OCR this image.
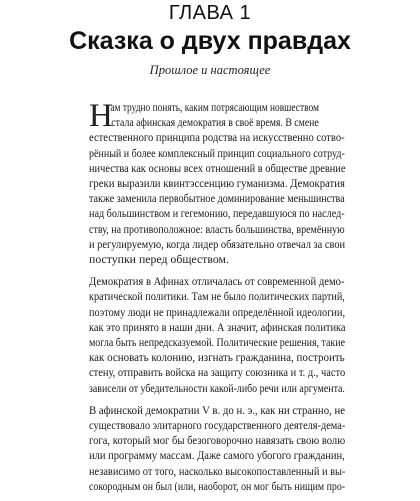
ГЛАВА 1
Сказка о двух правдах
Прошлое и настоящее
Н
ам трудно понять, каким потрясающим новшеством
стала афинская демократия в своё время. В смене
естественного принципа родства на искусственно сотво-
рённый и более комплексный принцип социального сотруд-
ничества как основы всех отношений в обществе древние
греки выразили квинтэссенцию гуманизма. Демократия
также заменила первобытное доминирование меньшинства
над большинством и гегемонию, передавшуюся по наслед-
ству, на противоположное: власть большинства, времённую
и регулируемую, когда лидер обязательно отвечал за свои
поступки перед обществом.
Демократия в Афинах отличалась от современной демо-
кратической политики. Там не было политических партий,
поэтому люди не принадлежали определённой идеологии,
как это принято в наши дни. А значит, афинская политика
могла быть непредсказуемой. Политические решения, такие
как основать колонию, изгнать гражданина, построить
стену, отправить войска на защиту союзника и т. д., часто
зависели от убедительности какой-либо речи или аргумента.
В афинской демократии V в. до н. э., как ни странно, не
существовало элитарного государственного деятеля-дема-
гога, который мог бы безоговорочно навязать свою волю
или программу массам. Даже самого убогого гражданин,
независимо от того, насколько высокопоставленный и вы-
сокородным он был (или, наоборот, он мог быть нищим про-
